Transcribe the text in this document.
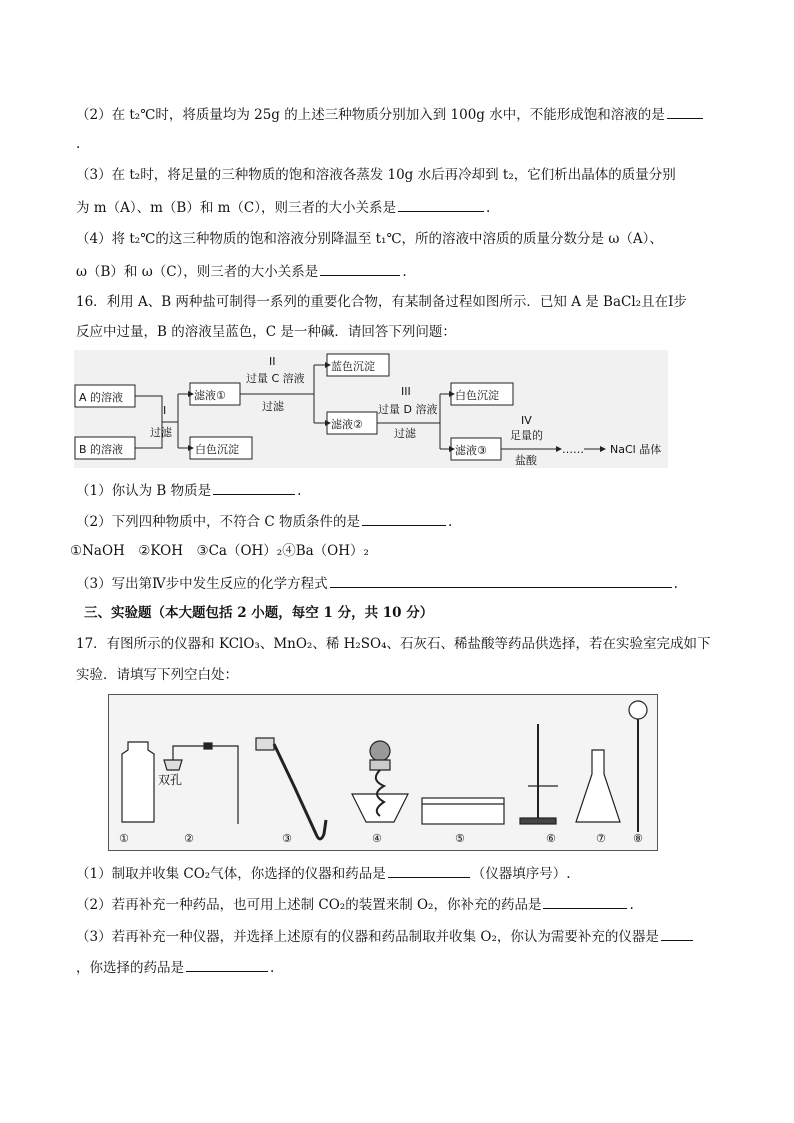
（2）在 t₂℃时，将质量均为 25g 的上述三种物质分别加入到 100g 水中，不能形成饱和溶液的是
.
（3）在 t₂时，将足量的三种物质的饱和溶液各蒸发 10g 水后再冷却到 t₂，它们析出晶体的质量分别
为 m（A）、m（B）和 m（C），则三者的大小关系是	.
（4）将 t₂℃的这三种物质的饱和溶液分别降温至 t₁℃，所的溶液中溶质的质量分数分是 ω（A）、
ω（B）和 ω（C），则三者的大小关系是	.
16．利用 A、B 两种盐可制得一系列的重要化合物，有某制备过程如图所示．已知 A 是 BaCl₂且在Ⅰ步
反应中过量，B 的溶液呈蓝色，C 是一种碱．请回答下列问题：
A 的溶液
B 的溶液
I
过滤
滤液①
白色沉淀
II
过量 C 溶液
过滤
蓝色沉淀
滤液②
III
过量 D 溶液
过滤
白色沉淀
滤液③
IV
足量的
盐酸
…… NaCl 晶体
（1）你认为 B 物质是	.
（2）下列四种物质中，不符合 C 物质条件的是	.
①NaOH　②KOH　③Ca（OH）₂④Ba（OH）₂
（3）写出第Ⅳ步中发生反应的化学方程式	.
三、实验题（本大题包括 2 小题，每空 1 分，共 10 分）
17．有图所示的仪器和 KClO₃、MnO₂、稀 H₂SO₄、石灰石、稀盐酸等药品供选择，若在实验室完成如下
实验．请填写下列空白处：
双孔
①	②	③	④	⑤	⑥	⑦ ⑧
（1）制取并收集 CO₂气体，你选择的仪器和药品是	（仪器填序号）.
（2）若再补充一种药品，也可用上述制 CO₂的装置来制 O₂，你补充的药品是	.
（3）若再补充一种仪器，并选择上述原有的仪器和药品制取并收集 O₂，你认为需要补充的仪器是
，你选择的药品是	.
